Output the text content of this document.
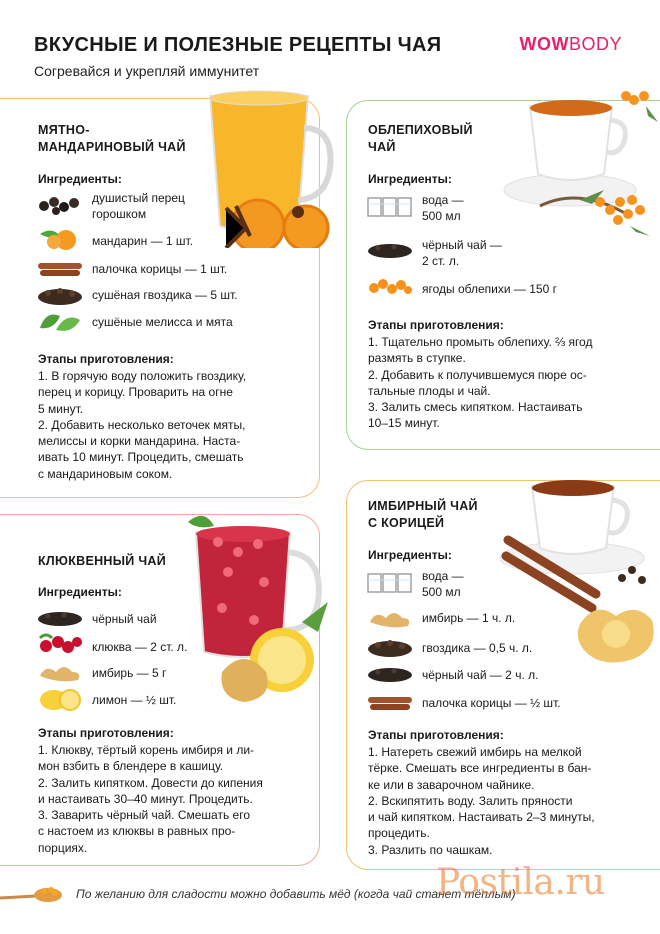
ВКУСНЫЕ И ПОЛЕЗНЫЕ РЕЦЕПТЫ ЧАЯ
Согревайся и укрепляй иммунитет
WOWBODY
МЯТНО-
МАНДАРИНОВЫЙ ЧАЙ
Ингредиенты:
душистый перец
горошком
мандарин — 1 шт.
палочка корицы — 1 шт.
сушёная гвоздика — 5 шт.
сушёные мелисса и мята
Этапы приготовления:

1. В горячую воду положить гвоздику,

перец и корицу. Проварить на огне

5 минут.

2. Добавить несколько веточек мяты,

мелиссы и корки мандарина. Наста-

ивать 10 минут. Процедить, смешать

с мандариновым соком.

ОБЛЕПИХОВЫЙ
ЧАЙ
Ингредиенты:
вода —
500 мл
чёрный чай —
2 ст. л.
ягоды облепихи — 150 г
Этапы приготовления:

1. Тщательно промыть облепиху. ⅔ ягод

размять в ступке.

2. Добавить к получившемуся пюре ос-

тальные плоды и чай.

3. Залить смесь кипятком. Настаивать

10–15 минут.

КЛЮКВЕННЫЙ ЧАЙ
Ингредиенты:
чёрный чай
клюква — 2 ст. л.
имбирь — 5 г
лимон — ½ шт.
Этапы приготовления:

1. Клюкву, тёртый корень имбиря и ли-

мон взбить в блендере в кашицу.

2. Залить кипятком. Довести до кипения

и настаивать 30–40 минут. Процедить.

3. Заварить чёрный чай. Смешать его

с настоем из клюквы в равных про-

порциях.

ИМБИРНЫЙ ЧАЙ
С КОРИЦЕЙ
Ингредиенты:
вода —
500 мл
имбирь — 1 ч. л.
гвоздика — 0,5 ч. л.
чёрный чай — 2 ч. л.
палочка корицы — ½ шт.
Этапы приготовления:

1. Натереть свежий имбирь на мелкой

тёрке. Смешать все ингредиенты в бан-

ке или в заварочном чайнике.

2. Вскипятить воду. Залить пряности

и чай кипятком. Настаивать 2–3 минуты,

процедить.

3. Разлить по чашкам.

По желанию для сладости можно добавить мёд (когда чай станет тёплым)
Postila.ru
